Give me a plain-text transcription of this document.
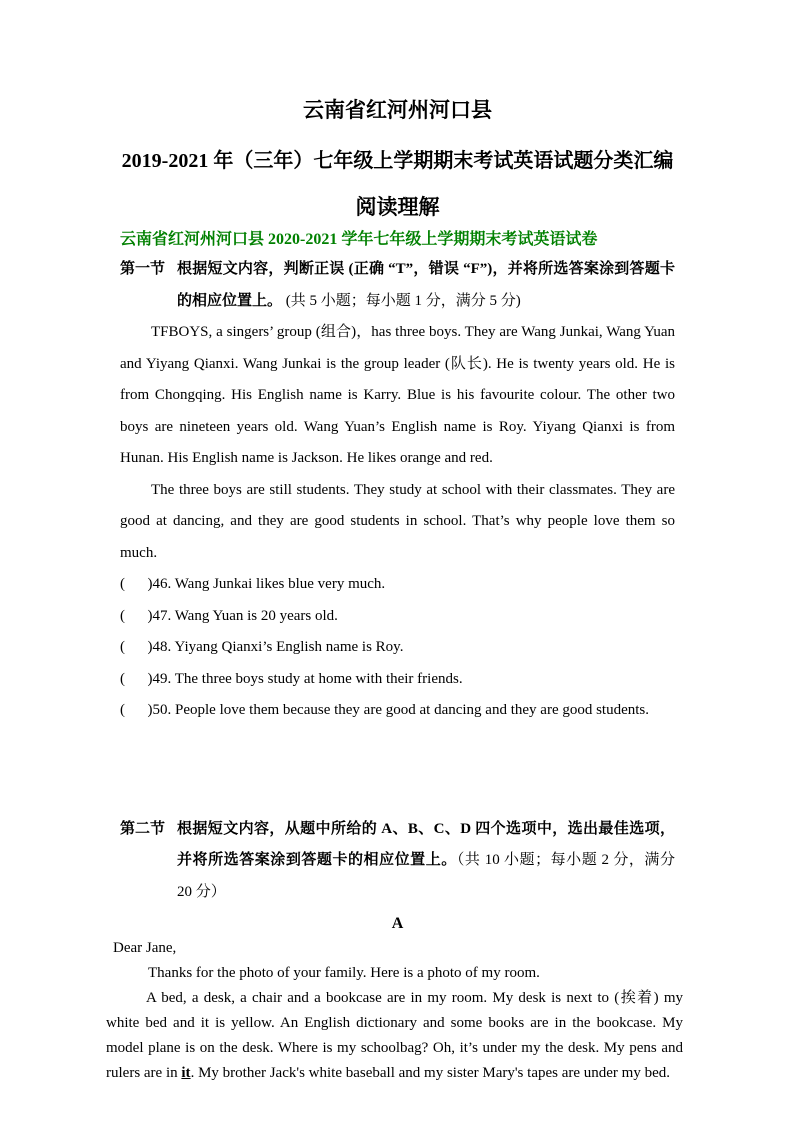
云南省红河州河口县

2019-2021 年（三年）七年级上学期期末考试英语试题分类汇编

阅读理解

云南省红河州河口县 2020-2021 学年七年级上学期期末考试英语试卷
第一节 根据短文内容，判断正误 (正确 “T”，错误 “F”)，并将所选答案涂到答题卡的相应位置上。 (共 5 小题；每小题 1 分，满分 5 分)

TFBOYS, a singers’ group (组合)，has three boys. They are Wang Junkai, Wang Yuan and Yiyang Qianxi. Wang Junkai is the group leader (队长). He is twenty years old. He is from Chongqing. His English name is Karry. Blue is his favourite colour. The other two boys are nineteen years old. Wang Yuan’s English name is Roy. Yiyang Qianxi is from Hunan. His English name is Jackson. He likes orange and red.

The three boys are still students. They study at school with their classmates. They are good at dancing, and they are good students in school. That’s why people love them so much.

(      )46. Wang Junkai likes blue very much.

(      )47. Wang Yuan is 20 years old.

(      )48. Yiyang Qianxi’s English name is Roy.

(      )49. The three boys study at home with their friends.

(      )50. People love them because they are good at dancing and they are good students.

第二节 根据短文内容，从题中所给的 A、B、C、D 四个选项中，选出最佳选项，并将所选答案涂到答题卡的相应位置上。（共 10 小题；每小题 2 分，满分 20 分）
A

Dear Jane,

Thanks for the photo of your family. Here is a photo of my room.

A bed, a desk, a chair and a bookcase are in my room. My desk is next to (挨着) my white bed and it is yellow. An English dictionary and some books are in the bookcase. My model plane is on the desk. Where is my schoolbag? Oh, it’s under my the desk. My pens and rulers are in it. My brother Jack's white baseball and my sister Mary's tapes are under my bed.
